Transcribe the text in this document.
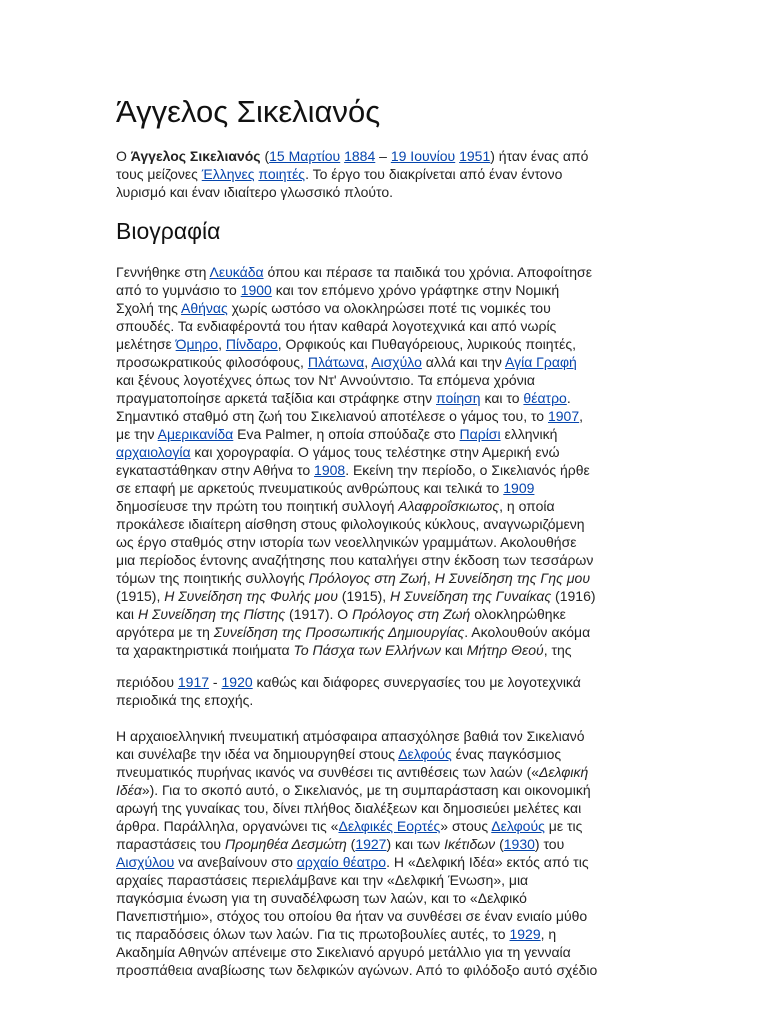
Άγγελος Σικελιανός
Ο Άγγελος Σικελιανός (15 Μαρτίου 1884 – 19 Ιουνίου 1951) ήταν ένας από
τους μείζονες Έλληνες ποιητές. Το έργο του διακρίνεται από έναν έντονο
λυρισμό και έναν ιδιαίτερο γλωσσικό πλούτο.
Βιογραφία
Γεννήθηκε στη Λευκάδα όπου και πέρασε τα παιδικά του χρόνια. Αποφοίτησε
από το γυμνάσιο το 1900 και τον επόμενο χρόνο γράφτηκε στην Νομική
Σχολή της Αθήνας χωρίς ωστόσο να ολοκληρώσει ποτέ τις νομικές του
σπουδές. Τα ενδιαφέροντά του ήταν καθαρά λογοτεχνικά και από νωρίς
μελέτησε Όμηρο, Πίνδαρο, Ορφικούς και Πυθαγόρειους, λυρικούς ποιητές,
προσωκρατικούς φιλοσόφους, Πλάτωνα, Αισχύλο αλλά και την Αγία Γραφή
και ξένους λογοτέχνες όπως τον Ντ' Αννούντσιο. Τα επόμενα χρόνια
πραγματοποίησε αρκετά ταξίδια και στράφηκε στην ποίηση και το θέατρο.
Σημαντικό σταθμό στη ζωή του Σικελιανού αποτέλεσε ο γάμος του, το 1907,
με την Αμερικανίδα Eva Palmer, η οποία σπούδαζε στο Παρίσι ελληνική
αρχαιολογία και χορογραφία. Ο γάμος τους τελέστηκε στην Αμερική ενώ
εγκαταστάθηκαν στην Αθήνα το 1908. Εκείνη την περίοδο, ο Σικελιανός ήρθε
σε επαφή με αρκετούς πνευματικούς ανθρώπους και τελικά το 1909
δημοσίευσε την πρώτη του ποιητική συλλογή Αλαφροΐσκιωτος, η οποία
προκάλεσε ιδιαίτερη αίσθηση στους φιλολογικούς κύκλους, αναγνωριζόμενη
ως έργο σταθμός στην ιστορία των νεοελληνικών γραμμάτων. Ακολουθήσε
μια περίοδος έντονης αναζήτησης που καταλήγει στην έκδοση των τεσσάρων
τόμων της ποιητικής συλλογής Πρόλογος στη Ζωή, Η Συνείδηση της Γης μου
(1915), Η Συνείδηση της Φυλής μου (1915), Η Συνείδηση της Γυναίκας (1916)
και Η Συνείδηση της Πίστης (1917). Ο Πρόλογος στη Ζωή ολοκληρώθηκε
αργότερα με τη Συνείδηση της Προσωπικής Δημιουργίας. Ακολουθούν ακόμα
τα χαρακτηριστικά ποιήματα Το Πάσχα των Ελλήνων και Μήτηρ Θεού, της
περιόδου 1917 - 1920 καθώς και διάφορες συνεργασίες του με λογοτεχνικά
περιοδικά της εποχής.
Η αρχαιοελληνική πνευματική ατμόσφαιρα απασχόλησε βαθιά τον Σικελιανό
και συνέλαβε την ιδέα να δημιουργηθεί στους Δελφούς ένας παγκόσμιος
πνευματικός πυρήνας ικανός να συνθέσει τις αντιθέσεις των λαών («Δελφική
Ιδέα»). Για το σκοπό αυτό, ο Σικελιανός, με τη συμπαράσταση και οικονομική
αρωγή της γυναίκας του, δίνει πλήθος διαλέξεων και δημοσιεύει μελέτες και
άρθρα. Παράλληλα, οργανώνει τις «Δελφικές Εορτές» στους Δελφούς με τις
παραστάσεις του Προμηθέα Δεσμώτη (1927) και των Ικέτιδων (1930) του
Αισχύλου να ανεβαίνουν στο αρχαίο θέατρο. Η «Δελφική Ιδέα» εκτός από τις
αρχαίες παραστάσεις περιελάμβανε και την «Δελφική Ένωση», μια
παγκόσμια ένωση για τη συναδέλφωση των λαών, και το «Δελφικό
Πανεπιστήμιο», στόχος του οποίου θα ήταν να συνθέσει σε έναν ενιαίο μύθο
τις παραδόσεις όλων των λαών. Για τις πρωτοβουλίες αυτές, το 1929, η
Ακαδημία Αθηνών απένειμε στο Σικελιανό αργυρό μετάλλιο για τη γενναία
προσπάθεια αναβίωσης των δελφικών αγώνων. Από το φιλόδοξο αυτό σχέδιο
